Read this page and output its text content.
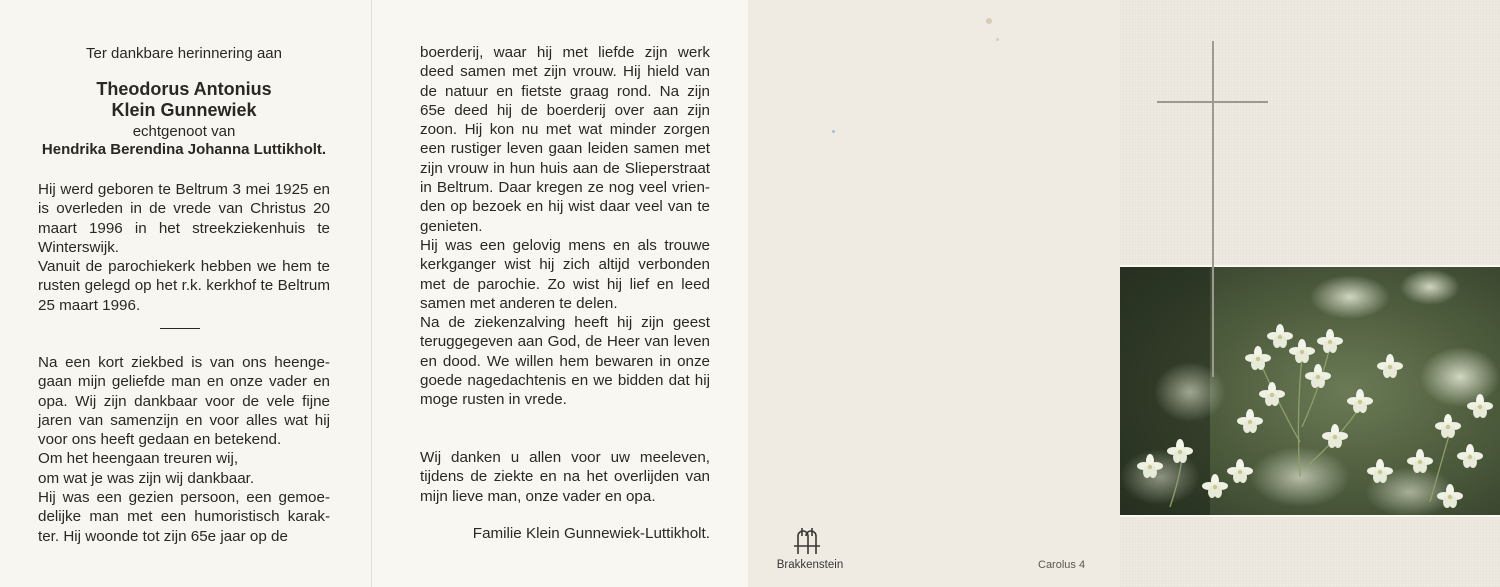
Ter dankbare herinnering aan
Theodorus Antonius
Klein Gunnewiek
echtgenoot van
Hendrika Berendina Johanna Luttikholt.

Hij werd geboren te Beltrum 3 mei 1925 en is overleden in de vrede van Christus 20 maart 1996 in het streekziekenhuis te Winterswijk.

Vanuit de parochiekerk hebben we hem te rusten gelegd op het r.k. kerkhof te Beltrum 25 maart 1996.

Na een kort ziekbed is van ons heenge-gaan mijn geliefde man en onze vader en opa. Wij zijn dankbaar voor de vele fijne jaren van samenzijn en voor alles wat hij voor ons heeft gedaan en betekend.

Om het heengaan treuren wij,

om wat je was zijn wij dankbaar.

Hij was een gezien persoon, een gemoe-delijke man met een humoristisch karak-ter. Hij woonde tot zijn 65e jaar op de

boerderij, waar hij met liefde zijn werk deed samen met zijn vrouw. Hij hield van de natuur en fietste graag rond. Na zijn 65e deed hij de boerderij over aan zijn zoon. Hij kon nu met wat minder zorgen een rustiger leven gaan leiden samen met zijn vrouw in hun huis aan de Slieperstraat in Beltrum. Daar kregen ze nog veel vrien-den op bezoek en hij wist daar veel van te genieten.

Hij was een gelovig mens en als trouwe kerkganger wist hij zich altijd verbonden met de parochie. Zo wist hij lief en leed samen met anderen te delen.

Na de ziekenzalving heeft hij zijn geest teruggegeven aan God, de Heer van leven en dood. We willen hem bewaren in onze goede nagedachtenis en we bidden dat hij moge rusten in vrede.

Wij danken u allen voor uw meeleven, tijdens de ziekte en na het overlijden van mijn lieve man, onze vader en opa.

Familie Klein Gunnewiek-Luttikholt.
Brakkenstein	Carolus 4
